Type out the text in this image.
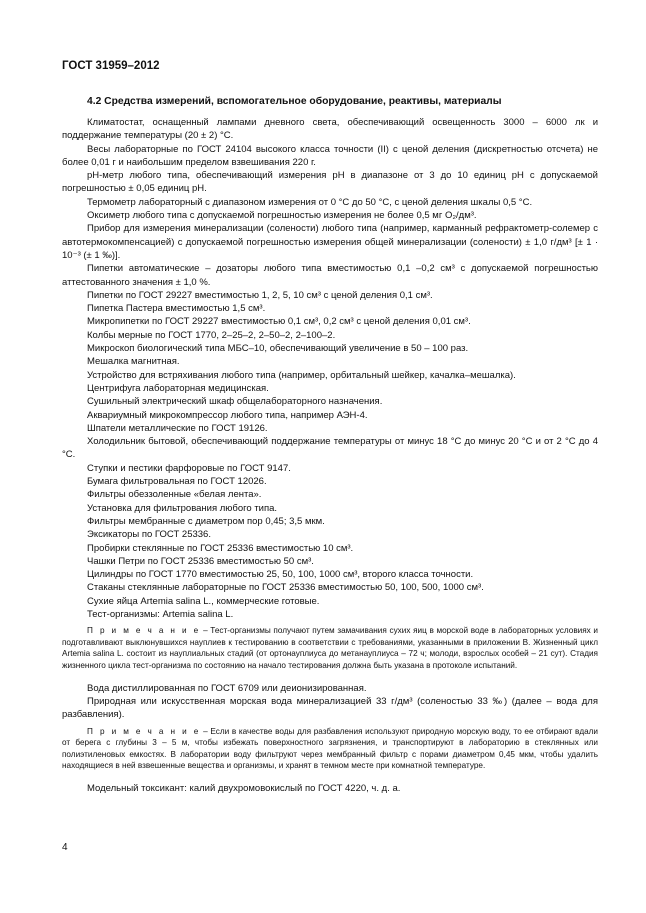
ГОСТ 31959–2012

4.2 Средства измерений, вспомогательное оборудование, реактивы, материалы

Климатостат, оснащенный лампами дневного света, обеспечивающий освещенность 3000 – 6000 лк и поддержание температуры (20 ± 2) °С.

Весы лабораторные по ГОСТ 24104 высокого класса точности (II) с ценой деления (дискретностью отсчета) не более 0,01 г и наибольшим пределом взвешивания 220 г.

pH-метр любого типа, обеспечивающий измерения pH в диапазоне от 3 до 10 единиц pH с допускаемой погрешностью ± 0,05 единиц pH.

Термометр лабораторный с диапазоном измерения от 0 °С до 50 °С, с ценой деления шкалы 0,5 °С.

Оксиметр любого типа с допускаемой погрешностью измерения не более 0,5 мг O₂/дм³.

Прибор для измерения минерализации (солености) любого типа (например, карманный рефрактометр-солемер с автотермокомпенсацией) с допускаемой погрешностью измерения общей минерализации (солености) ± 1,0 г/дм³ [± 1 · 10⁻³ (± 1 ‰)].

Пипетки автоматические – дозаторы любого типа вместимостью 0,1 –0,2 см³ с допускаемой погрешностью аттестованного значения ± 1,0 %.

Пипетки по ГОСТ 29227 вместимостью 1, 2, 5, 10 см³ с ценой деления 0,1 см³.

Пипетка Пастера вместимостью 1,5 см³.

Микропипетки по ГОСТ 29227 вместимостью 0,1 см³, 0,2 см³ с ценой деления 0,01 см³.

Колбы мерные по ГОСТ 1770, 2–25–2, 2–50–2, 2–100–2.

Микроскоп биологический типа МБС–10, обеспечивающий увеличение в 50 – 100 раз.

Мешалка магнитная.

Устройство для встряхивания любого типа (например, орбитальный шейкер, качалка–мешалка).

Центрифуга лабораторная медицинская.

Сушильный электрический шкаф общелабораторного назначения.

Аквариумный микрокомпрессор любого типа, например АЭН-4.

Шпатели металлические по ГОСТ 19126.

Холодильник бытовой, обеспечивающий поддержание температуры от минус 18 °С до минус 20 °С и от 2 °С до 4 °С.

Ступки и пестики фарфоровые по ГОСТ 9147.

Бумага фильтровальная по ГОСТ 12026.

Фильтры обеззоленные «белая лента».

Установка для фильтрования любого типа.

Фильтры мембранные с диаметром пор 0,45; 3,5 мкм.

Эксикаторы по ГОСТ 25336.

Пробирки стеклянные по ГОСТ 25336 вместимостью 10 см³.

Чашки Петри по ГОСТ 25336 вместимостью 50 см³.

Цилиндры по ГОСТ 1770 вместимостью 25, 50, 100, 1000 см³, второго класса точности.

Стаканы стеклянные лабораторные по ГОСТ 25336 вместимостью 50, 100, 500, 1000 см³.

Сухие яйца Artemia salina L., коммерческие готовые.

Тест-организмы: Artemia salina L.

П р и м е ч а н и е – Тест-организмы получают путем замачивания сухих яиц в морской воде в лабораторных условиях и подготавливают выклюнувшихся науплиев к тестированию в соответствии с требованиями, указанными в приложении В. Жизненный цикл Artemia salina L. состоит из науплиальных стадий (от ортонауплиуса до метанауплиуса – 72 ч; молоди, взрослых особей – 21 сут). Стадия жизненного цикла тест-организма по состоянию на начало тестирования должна быть указана в протоколе испытаний.

Вода дистиллированная по ГОСТ 6709 или деионизированная.

Природная или искусственная морская вода минерализацией 33 г/дм³ (соленостью 33 ‰) (далее – вода для разбавления).

П р и м е ч а н и е – Если в качестве воды для разбавления используют природную морскую воду, то ее отбирают вдали от берега с глубины 3 – 5 м, чтобы избежать поверхностного загрязнения, и транспортируют в лабораторию в стеклянных или полиэтиленовых емкостях. В лаборатории воду фильтруют через мембранный фильтр с порами диаметром 0,45 мкм, чтобы удалить находящиеся в ней взвешенные вещества и организмы, и хранят в темном месте при комнатной температуре.

Модельный токсикант: калий двухромовокислый по ГОСТ 4220, ч. д. а.

4
